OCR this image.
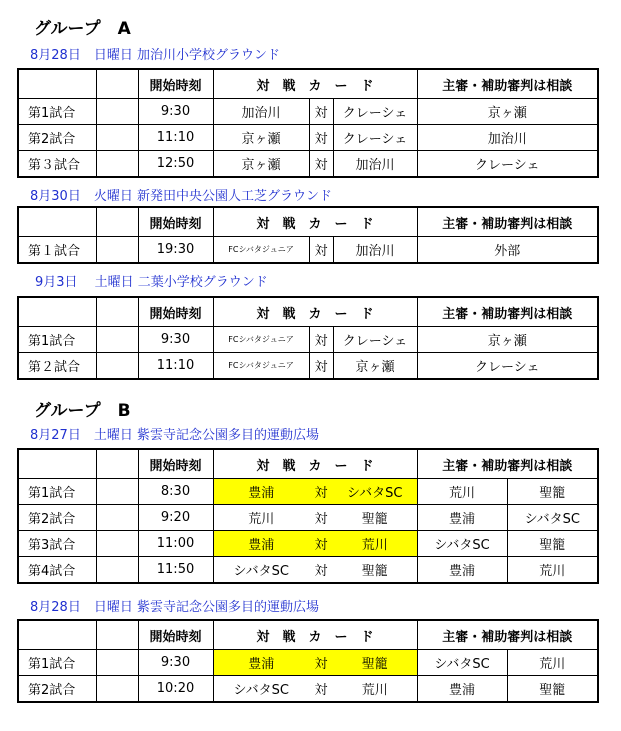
グループ　A
8月28日　日曜日 加治川小学校グラウンド
		開始時刻	対　戦　カ　ー　ド			主審・補助審判は相談
第1試合		9:30	加治川	対	クレーシェ	京ヶ瀬
第2試合		11:10	京ヶ瀬	対	クレーシェ	加治川
第３試合		12:50	京ヶ瀬	対	加治川	クレーシェ
8月30日　火曜日 新発田中央公園人工芝グラウンド
		開始時刻	対　戦　カ　ー　ド			主審・補助審判は相談
第１試合		19:30	FCシバタジュニア	対	加治川	外部
9月3日　 土曜日 二葉小学校グラウンド
		開始時刻	対　戦　カ　ー　ド			主審・補助審判は相談
第1試合		9:30	FCシバタジュニア	対	クレーシェ	京ヶ瀬
第２試合		11:10	FCシバタジュニア	対	京ヶ瀬	クレーシェ
グループ　B
8月27日　土曜日 紫雲寺記念公園多目的運動広場
		開始時刻	対　戦　カ　ー　ド			主審・補助審判は相談	
第1試合		8:30	豊浦	対	シバタSC	荒川	聖籠
第2試合		9:20	荒川	対	聖籠	豊浦	シバタSC
第3試合		11:00	豊浦	対	荒川	シバタSC	聖籠
第4試合		11:50	シバタSC	対	聖籠	豊浦	荒川
8月28日　日曜日 紫雲寺記念公園多目的運動広場
		開始時刻	対　戦　カ　ー　ド			主審・補助審判は相談	
第1試合		9:30	豊浦	対	聖籠	シバタSC	荒川
第2試合		10:20	シバタSC	対	荒川	豊浦	聖籠
